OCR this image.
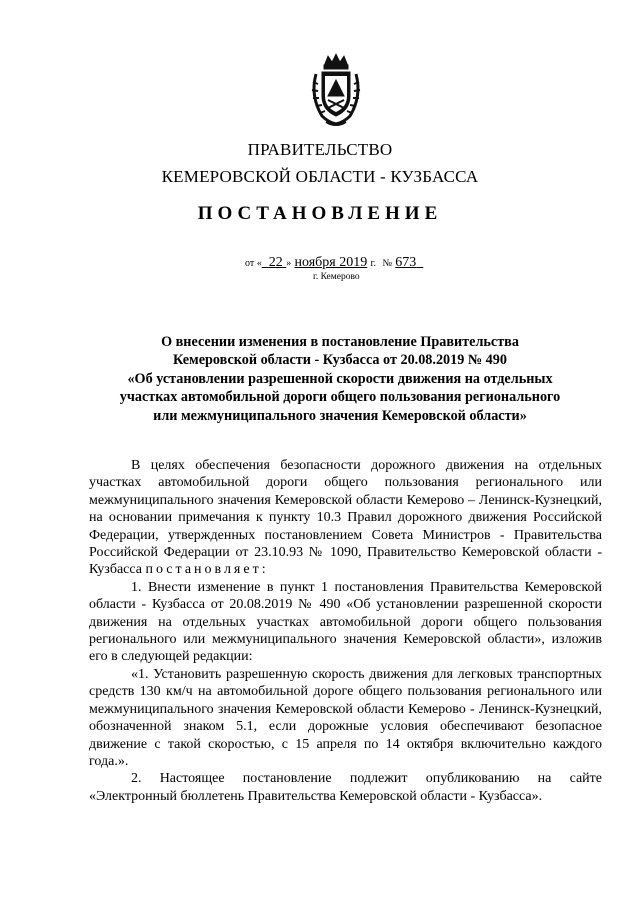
ПРАВИТЕЛЬСТВО
КЕМЕРОВСКОЙ ОБЛАСТИ - КУЗБАССА
ПОСТАНОВЛЕНИЕ
от « 22 » ноября 2019 г. № 673
г. Кемерово
О внесении изменения в постановление Правительства
Кемеровской области - Кузбасса от 20.08.2019 № 490
«Об установлении разрешенной скорости движения на отдельных
участках автомобильной дороги общего пользования регионального
или межмуниципального значения Кемеровской области»

В целях обеспечения безопасности дорожного движения на отдельных участках автомобильной дороги общего пользования регионального или межмуниципального значения Кемеровской области Кемерово – Ленинск-Кузнецкий, на основании примечания к пункту 10.3 Правил дорожного движения Российской Федерации, утвержденных постановлением Совета Министров - Правительства Российской Федерации от 23.10.93 № 1090, Правительство Кемеровской области - Кузбасса постановляет:

1. Внести изменение в пункт 1 постановления Правительства Кемеровской области - Кузбасса от 20.08.2019 № 490 «Об установлении разрешенной скорости движения на отдельных участках автомобильной дороги общего пользования регионального или межмуниципального значения Кемеровской области», изложив его в следующей редакции:

«1. Установить разрешенную скорость движения для легковых транспортных средств 130 км/ч на автомобильной дороге общего пользования регионального или межмуниципального значения Кемеровской области Кемерово - Ленинск-Кузнецкий, обозначенной знаком 5.1, если дорожные условия обеспечивают безопасное движение с такой скоростью, с 15 апреля по 14 октября включительно каждого года.».

2. Настоящее постановление подлежит опубликованию на сайте «Электронный бюллетень Правительства Кемеровской области - Кузбасса».
